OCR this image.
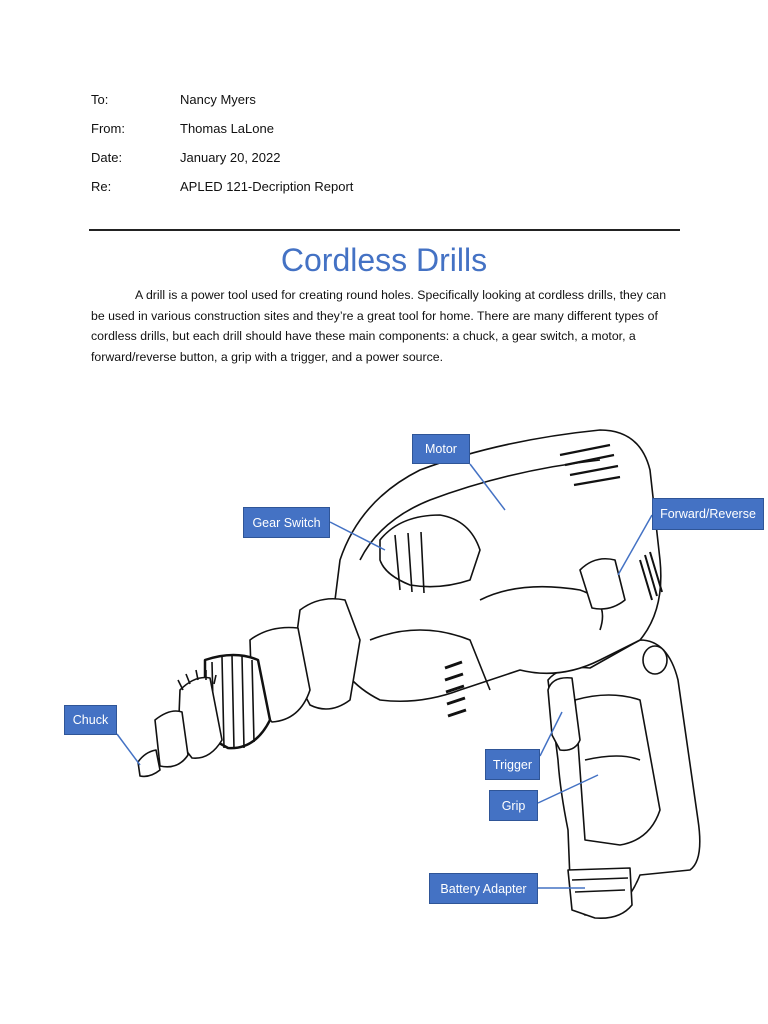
To:	Nancy Myers
From:	Thomas LaLone
Date:	January 20, 2022
Re:	APLED 121-Decription Report
Cordless Drills

A drill is a power tool used for creating round holes. Specifically looking at cordless drills, they can be used in various construction sites and they’re a great tool for home. There are many different types of cordless drills, but each drill should have these main components: a chuck, a gear switch, a motor, a forward/reverse button, a grip with a trigger, and a power source.

Motor
Gear Switch
Forward/Reverse
Chuck
Trigger
Grip
Battery Adapter
